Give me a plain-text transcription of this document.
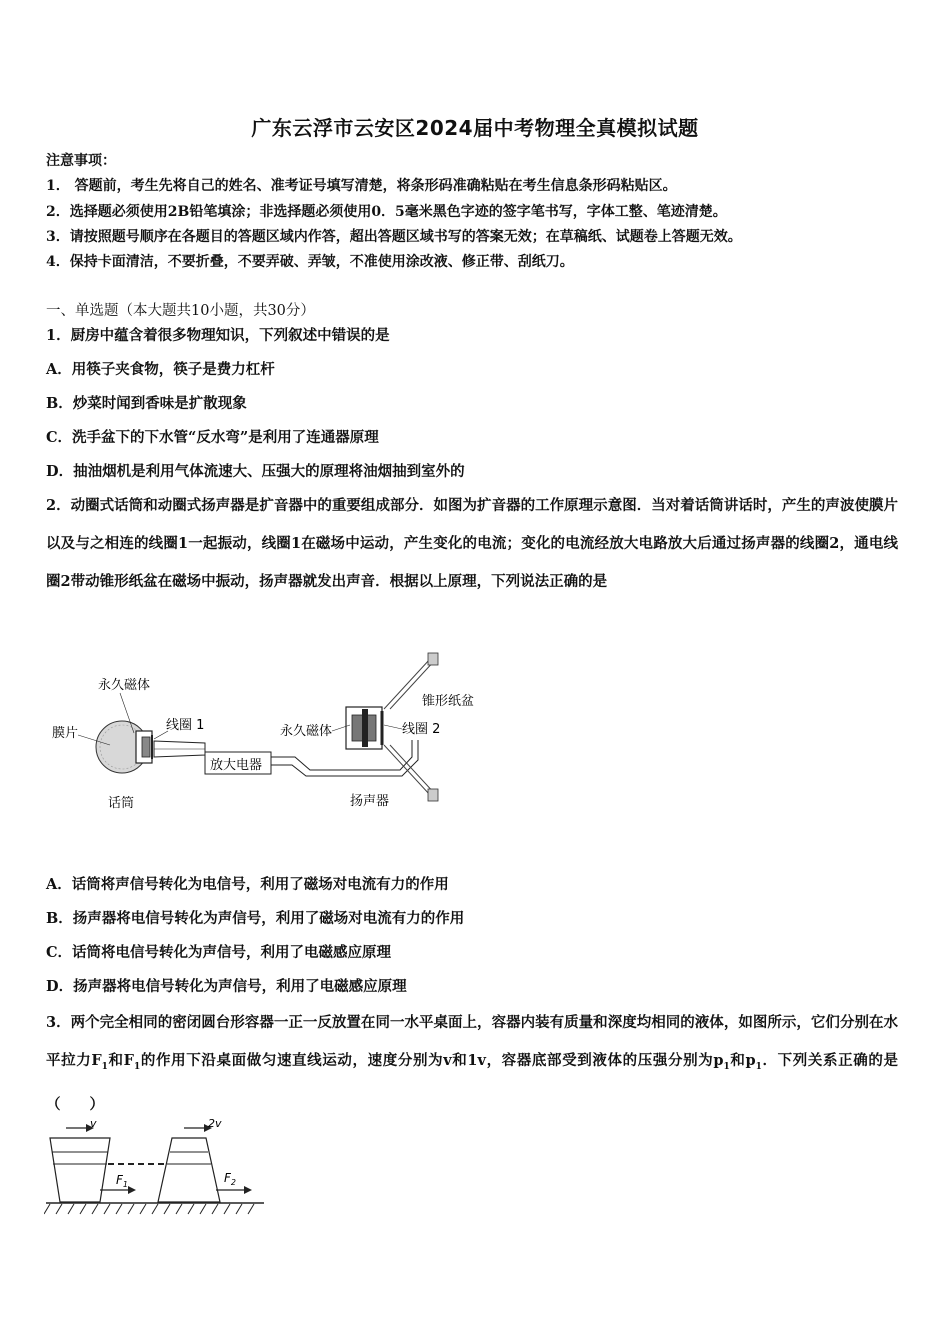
广东云浮市云安区2024届中考物理全真模拟试题
注意事项：
1． 答题前，考生先将自己的姓名、准考证号填写清楚，将条形码准确粘贴在考生信息条形码粘贴区。
2．选择题必须使用2B铅笔填涂；非选择题必须使用0．5毫米黑色字迹的签字笔书写，字体工整、笔迹清楚。
3．请按照题号顺序在各题目的答题区域内作答，超出答题区域书写的答案无效；在草稿纸、试题卷上答题无效。
4．保持卡面清洁，不要折叠，不要弄破、弄皱，不准使用涂改液、修正带、刮纸刀。
一、单选题（本大题共10小题，共30分）
1．厨房中蕴含着很多物理知识，下列叙述中错误的是
A．用筷子夹食物，筷子是费力杠杆
B．炒菜时闻到香味是扩散现象
C．洗手盆下的下水管“反水弯”是利用了连通器原理
D．抽油烟机是利用气体流速大、压强大的原理将油烟抽到室外的
2．动圈式话筒和动圈式扬声器是扩音器中的重要组成部分．如图为扩音器的工作原理示意图．当对着话筒讲话时，产生的声波使膜片以及与之相连的线圈1一起振动，线圈1在磁场中运动，产生变化的电流；变化的电流经放大电路放大后通过扬声器的线圈2，通电线圈2带动锥形纸盆在磁场中振动，扬声器就发出声音．根据以上原理，下列说法正确的是
永久磁体
膜片
线圈 1
放大电器
话筒
永久磁体	线圈 2
锥形纸盆
扬声器
A．话筒将声信号转化为电信号，利用了磁场对电流有力的作用
B．扬声器将电信号转化为声信号，利用了磁场对电流有力的作用
C．话筒将电信号转化为声信号，利用了电磁感应原理
D．扬声器将电信号转化为声信号，利用了电磁感应原理
3．两个完全相同的密闭圆台形容器一正一反放置在同一水平桌面上，容器内装有质量和深度均相同的液体，如图所示，它们分别在水平拉力$F_1$和$F_1$的作用下沿桌面做匀速直线运动，速度分别为v和1v，容器底部受到液体的压强分别为$p_1$和$p_1$．下列关系正确的是（　　）
v	2v
$F_1$	$F_2$
